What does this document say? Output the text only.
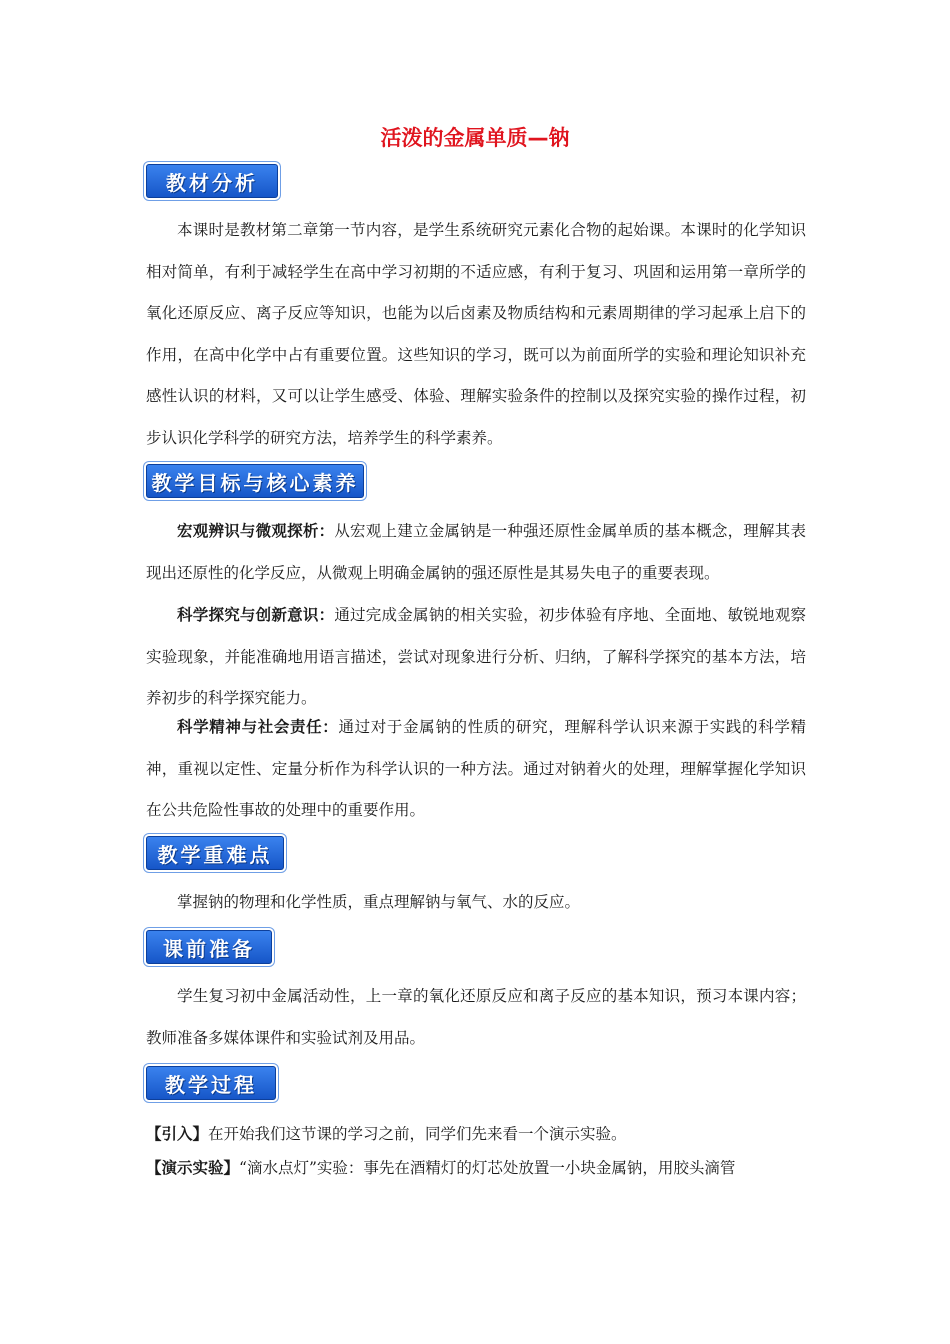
活泼的金属单质—钠
教材分析
本课时是教材第二章第一节内容，是学生系统研究元素化合物的起始课。本课时的化学知识相对简单，有利于减轻学生在高中学习初期的不适应感，有利于复习、巩固和运用第一章所学的氧化还原反应、离子反应等知识，也能为以后卤素及物质结构和元素周期律的学习起承上启下的作用，在高中化学中占有重要位置。这些知识的学习，既可以为前面所学的实验和理论知识补充感性认识的材料，又可以让学生感受、体验、理解实验条件的控制以及探究实验的操作过程，初步认识化学科学的研究方法，培养学生的科学素养。
教学目标与核心素养
宏观辨识与微观探析：从宏观上建立金属钠是一种强还原性金属单质的基本概念，理解其表现出还原性的化学反应，从微观上明确金属钠的强还原性是其易失电子的重要表现。
科学探究与创新意识：通过完成金属钠的相关实验，初步体验有序地、全面地、敏锐地观察实验现象，并能准确地用语言描述，尝试对现象进行分析、归纳，了解科学探究的基本方法，培养初步的科学探究能力。
科学精神与社会责任：通过对于金属钠的性质的研究，理解科学认识来源于实践的科学精神，重视以定性、定量分析作为科学认识的一种方法。通过对钠着火的处理，理解掌握化学知识在公共危险性事故的处理中的重要作用。
教学重难点
掌握钠的物理和化学性质，重点理解钠与氧气、水的反应。
课前准备
学生复习初中金属活动性，上一章的氧化还原反应和离子反应的基本知识，预习本课内容；教师准备多媒体课件和实验试剂及用品。
教学过程
【引入】在开始我们这节课的学习之前，同学们先来看一个演示实验。
【演示实验】“滴水点灯”实验：事先在酒精灯的灯芯处放置一小块金属钠，用胶头滴管
